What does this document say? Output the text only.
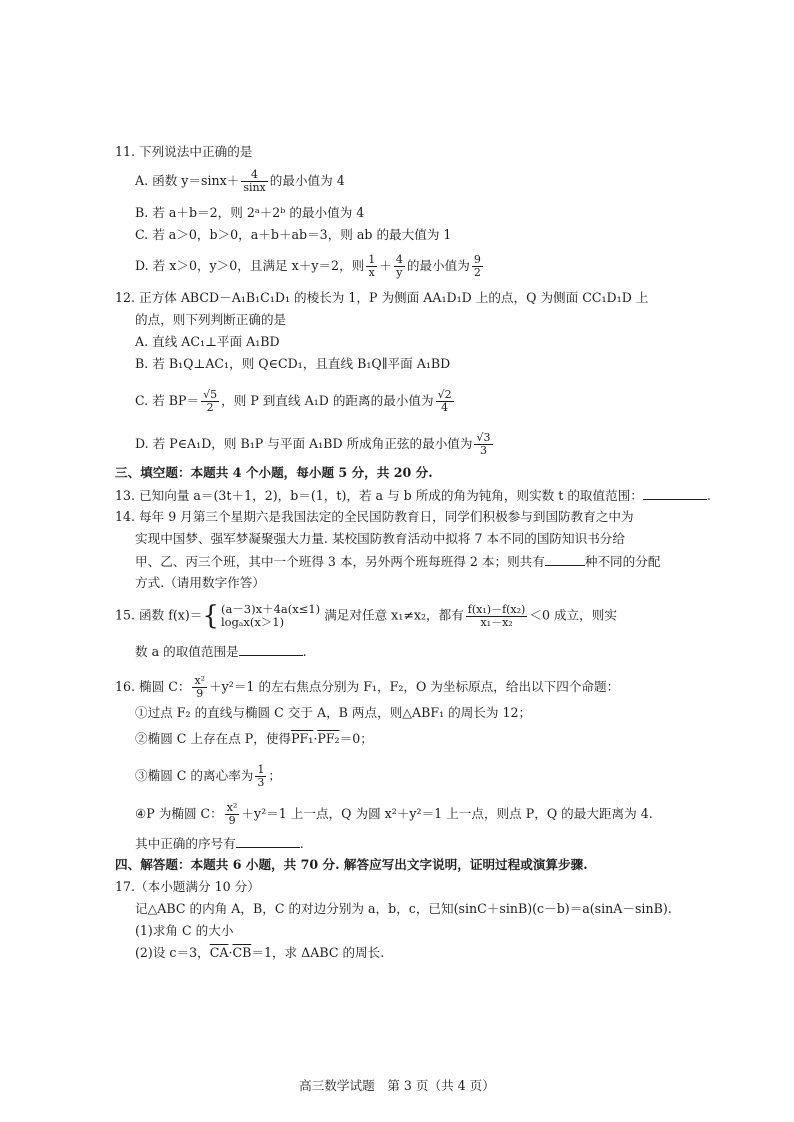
11. 下列说法中正确的是
A. 函数 $y=\sin x+ \frac{4}{\sin x}$ 的最小值为 4
B. 若 a＋b＝2，则 2ᵃ＋2ᵇ 的最小值为 4
C. 若 a＞0，b＞0，a＋b＋ab＝3，则 ab 的最大值为 1
D. 若 x＞0，y＞0，且满足 x＋y＝2，则 $\frac{1}{x} + \frac{4}{y}$ 的最小值为 $\frac{9}{2}$
12. 正方体 ABCD－A₁B₁C₁D₁ 的棱长为 1，P 为侧面 AA₁D₁D 上的点，Q 为侧面 CC₁D₁D 上
的点，则下列判断正确的是
A. 直线 AC₁⊥平面 A₁BD
B. 若 B₁Q⊥AC₁，则 Q∈CD₁，且直线 B₁Q∥平面 A₁BD
C. 若 $BP= \frac{√5}{2}$ ，则 P 到直线 A₁D 的距离的最小值为 $\frac{√2}{4}$
D. 若 P∈A₁D，则 B₁P 与平面 A₁BD 所成角正弦的最小值为 $\frac{√3}{3}$
三、填空题：本题共 4 个小题，每小题 5 分，共 20 分.
13. 已知向量 a＝(3t＋1，2)，b＝(1，t)，若 a 与 b 所成的角为钝角，则实数 t 的取值范围：	.
14. 每年 9 月第三个星期六是我国法定的全民国防教育日，同学们积极参与到国防教育之中为
实现中国梦、强军梦凝聚强大力量. 某校国防教育活动中拟将 7 本不同的国防知识书分给
甲、乙、丙三个班，其中一个班得 3 本，另外两个班每班得 2 本；则共有	种不同的分配
方式.（请用数字作答）
15. 函数 f(x)＝{ (a－3)x＋4a(x≤1)
logₐx(x＞1)	满足对任意 x₁≠x₂，都有 $\frac{\text{f(x₁)－f(x₂)}}{\text{x₁－x₂}} <0$ 成立，则实
数 a 的取值范围是	.
16. 椭圆 C： $\frac{\text{x²}}{9} +y^2=1$ 的左右焦点分别为 F₁，F₂，O 为坐标原点，给出以下四个命题：
①过点 F₂ 的直线与椭圆 C 交于 A，B 两点，则△ABF₁ 的周长为 12；
②椭圆 C 上存在点 P，使得PF₁·PF₂＝0；
③椭圆 C 的离心率为 $\frac{1}{3}$ ；
④P 为椭圆 C： $\frac{\text{x²}}{9} +y^2=1$ 上一点，Q 为圆 x²＋y²＝1 上一点，则点 P，Q 的最大距离为 4.
其中正确的序号有	.
四、解答题：本题共 6 小题，共 70 分. 解答应写出文字说明，证明过程或演算步骤.
17.（本小题满分 10 分）
记△ABC 的内角 A，B，C 的对边分别为 a，b，c，已知(sinC＋sinB)(c－b)＝a(sinA－sinB).
(1)求角 C 的大小
(2)设 c＝3，$\overline{CA}\cdot\overline{CB}=1$，求 ΔABC 的周长.
高三数学试题　第 3 页（共 4 页）
